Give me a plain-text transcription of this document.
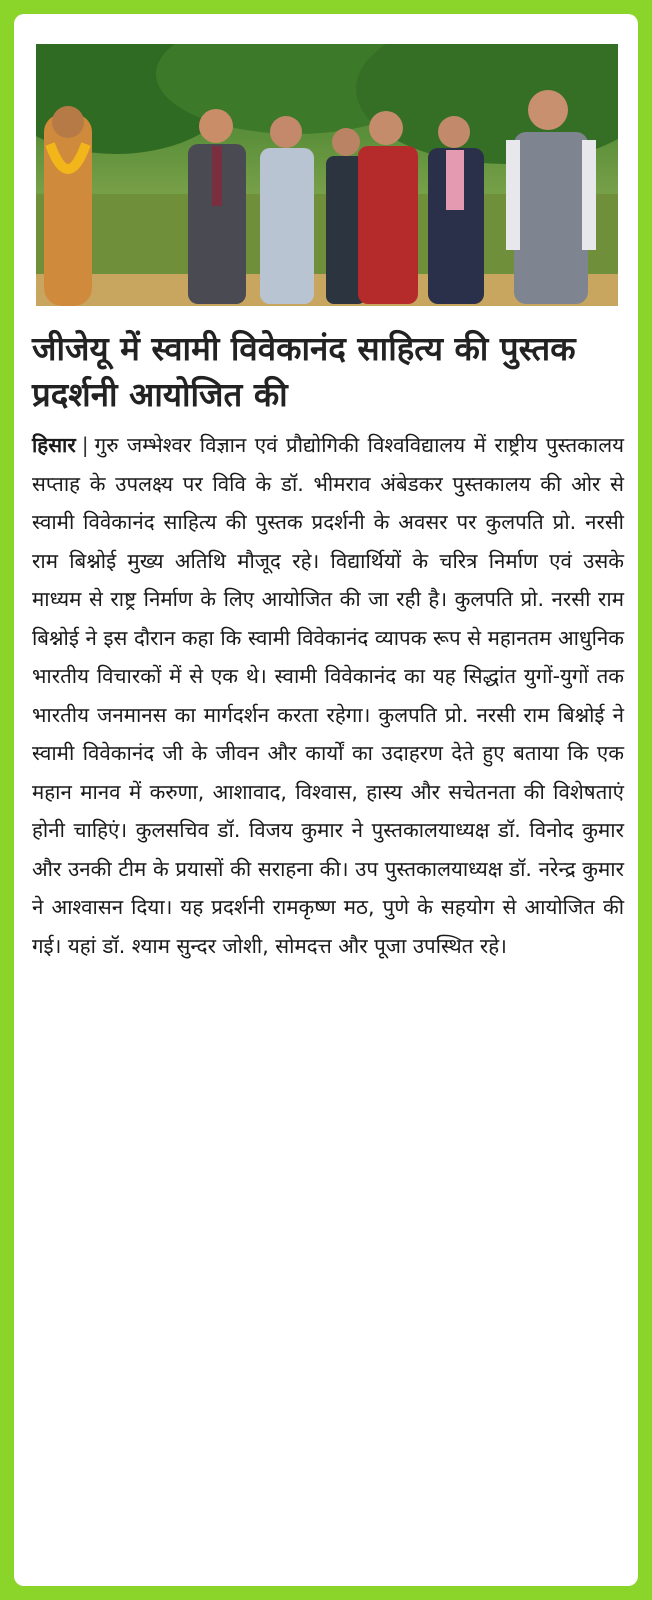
जीजेयू में स्वामी विवेकानंद साहित्य की पुस्तक प्रदर्शनी आयोजित की

हिसार | गुरु जम्भेश्वर विज्ञान एवं प्रौद्योगिकी विश्वविद्यालय में राष्ट्रीय पुस्तकालय सप्ताह के उपलक्ष्य पर विवि के डॉ. भीमराव अंबेडकर पुस्तकालय की ओर से स्वामी विवेकानंद साहित्य की पुस्तक प्रदर्शनी के अवसर पर कुलपति प्रो. नरसी राम बिश्नोई मुख्य अतिथि मौजूद रहे। विद्यार्थियों के चरित्र निर्माण एवं उसके माध्यम से राष्ट्र निर्माण के लिए आयोजित की जा रही है। कुलपति प्रो. नरसी राम बिश्नोई ने इस दौरान कहा कि स्वामी विवेकानंद व्यापक रूप से महानतम आधुनिक भारतीय विचारकों में से एक थे। स्वामी विवेकानंद का यह सिद्धांत युगों-युगों तक भारतीय जनमानस का मार्गदर्शन करता रहेगा। कुलपति प्रो. नरसी राम बिश्नोई ने स्वामी विवेकानंद जी के जीवन और कार्यों का उदाहरण देते हुए बताया कि एक महान मानव में करुणा, आशावाद, विश्वास, हास्य और सचेतनता की विशेषताएं होनी चाहिएं। कुलसचिव डॉ. विजय कुमार ने पुस्तकालयाध्यक्ष डॉ. विनोद कुमार और उनकी टीम के प्रयासों की सराहना की। उप पुस्तकालयाध्यक्ष डॉ. नरेन्द्र कुमार ने आश्वासन दिया। यह प्रदर्शनी रामकृष्ण मठ, पुणे के सहयोग से आयोजित की गई। यहां डॉ. श्याम सुन्दर जोशी, सोमदत्त और पूजा उपस्थित रहे।
